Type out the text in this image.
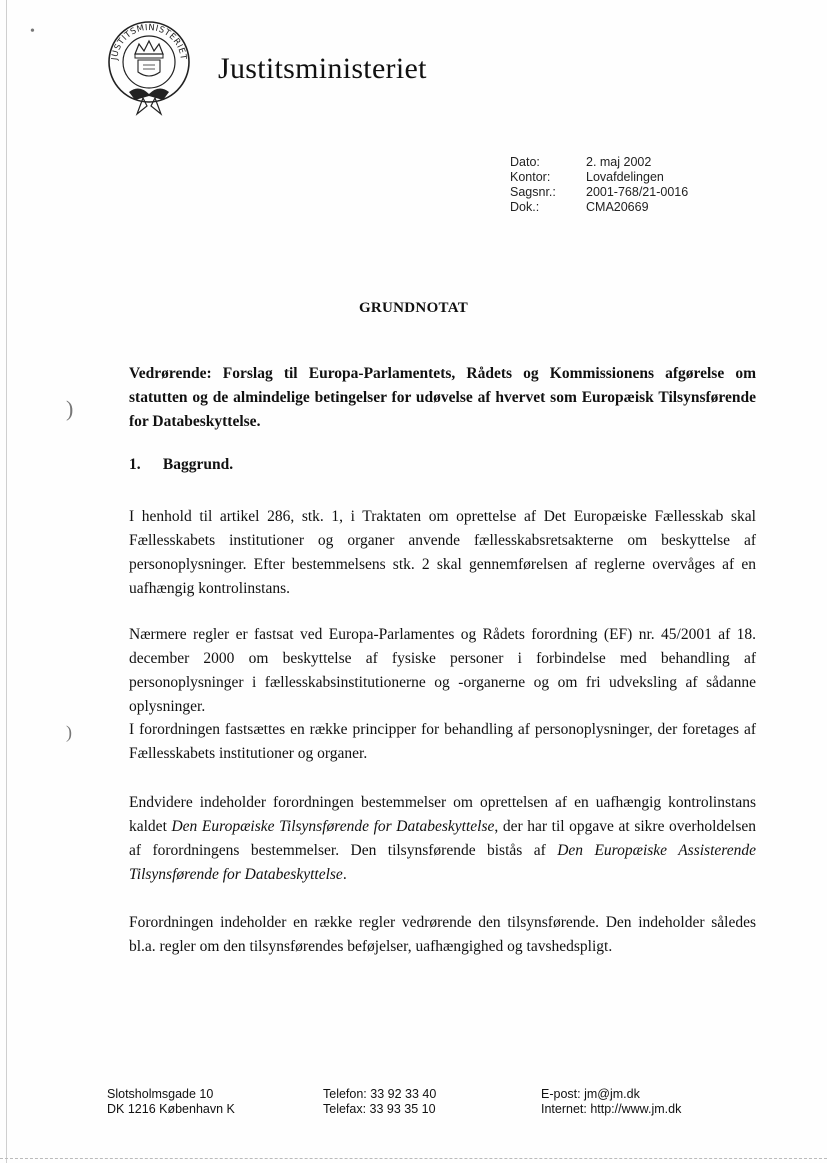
•
)
)
JUSTITSMINISTERIET Justitsministeriet
Dato:	2. maj 2002
Kontor:	Lovafdelingen
Sagsnr.:	2001-768/21-0016
Dok.:	CMA20669
GRUNDNOTAT
Vedrørende: Forslag til Europa-Parlamentets, Rådets og Kommissionens afgørelse om statutten og de almindelige betingelser for udøvelse af hvervet som Europæisk Tilsynsførende for Databeskyttelse.
1. Baggrund.
I henhold til artikel 286, stk. 1, i Traktaten om oprettelse af Det Europæiske Fællesskab skal Fællesskabets institutioner og organer anvende fællesskabsretsakterne om beskyttelse af personoplysninger. Efter bestemmelsens stk. 2 skal gennemførelsen af reglerne overvåges af en uafhængig kontrolinstans.
Nærmere regler er fastsat ved Europa-Parlamentes og Rådets forordning (EF) nr. 45/2001 af 18. december 2000 om beskyttelse af fysiske personer i forbindelse med behandling af personoplysninger i fællesskabsinstitutionerne og -organerne og om fri udveksling af sådanne oplysninger.
I forordningen fastsættes en række principper for behandling af personoplysninger, der foretages af Fællesskabets institutioner og organer.
Endvidere indeholder forordningen bestemmelser om oprettelsen af en uafhængig kontrolinstans kaldet Den Europæiske Tilsynsførende for Databeskyttelse, der har til opgave at sikre overholdelsen af forordningens bestemmelser. Den tilsynsførende bistås af Den Europæiske Assisterende Tilsynsførende for Databeskyttelse.
Forordningen indeholder en række regler vedrørende den tilsynsførende. Den indeholder således bl.a. regler om den tilsynsførendes beføjelser, uafhængighed og tavshedspligt.
Slotsholmsgade 10
DK 1216 København K
Telefon: 33 92 33 40
Telefax: 33 93 35 10
E-post: jm@jm.dk
Internet: http://www.jm.dk
